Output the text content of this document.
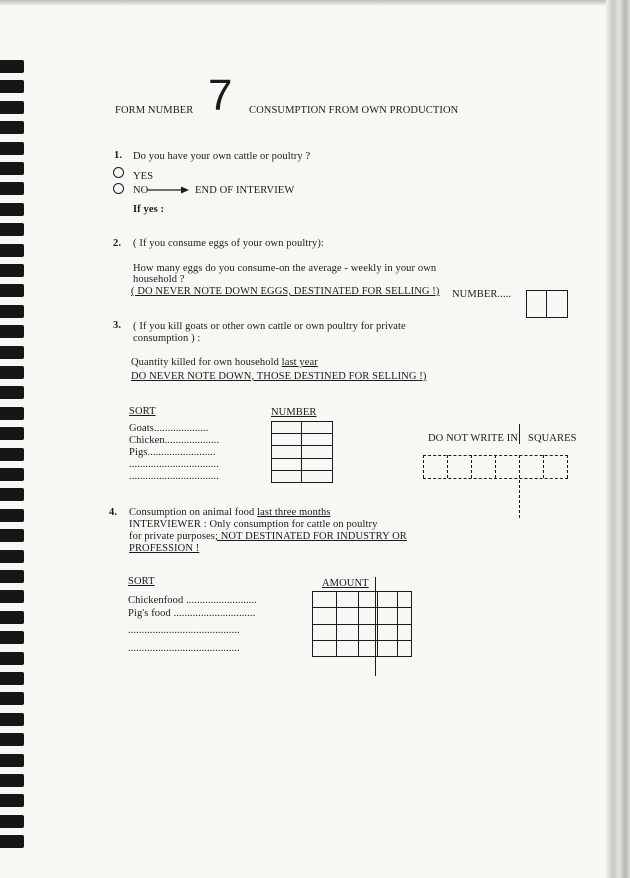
FORM NUMBER 7 CONSUMPTION FROM OWN PRODUCTION
1. Do you have your own cattle or poultry ?
YES
NO	END OF INTERVIEW
If yes :
2. ( If you consume eggs of your own poultry):
How many eggs do you consume-on the average - weekly in your own
household ?
( DO NEVER NOTE DOWN EGGS, DESTINATED FOR SELLING !) NUMBER.....
3. ( If you kill goats or other own cattle or own poultry for private
consumption ) :
Quantity killed for own household last year
DO NEVER NOTE DOWN, THOSE DESTINED FOR SELLING !)
SORT	NUMBER
Goats....................
Chicken....................
Pigs.........................
.................................
.................................

DO NOT WRITE IN SQUARES
4. Consumption on animal food last three months
INTERVIEWER : Only consumption for cattle on poultry
for private purposes; NOT DESTINATED FOR INDUSTRY OR
PROFESSION !
SORT	AMOUNT
Chickenfood ..........................
Pig's food ..............................
.........................................
.........................................
